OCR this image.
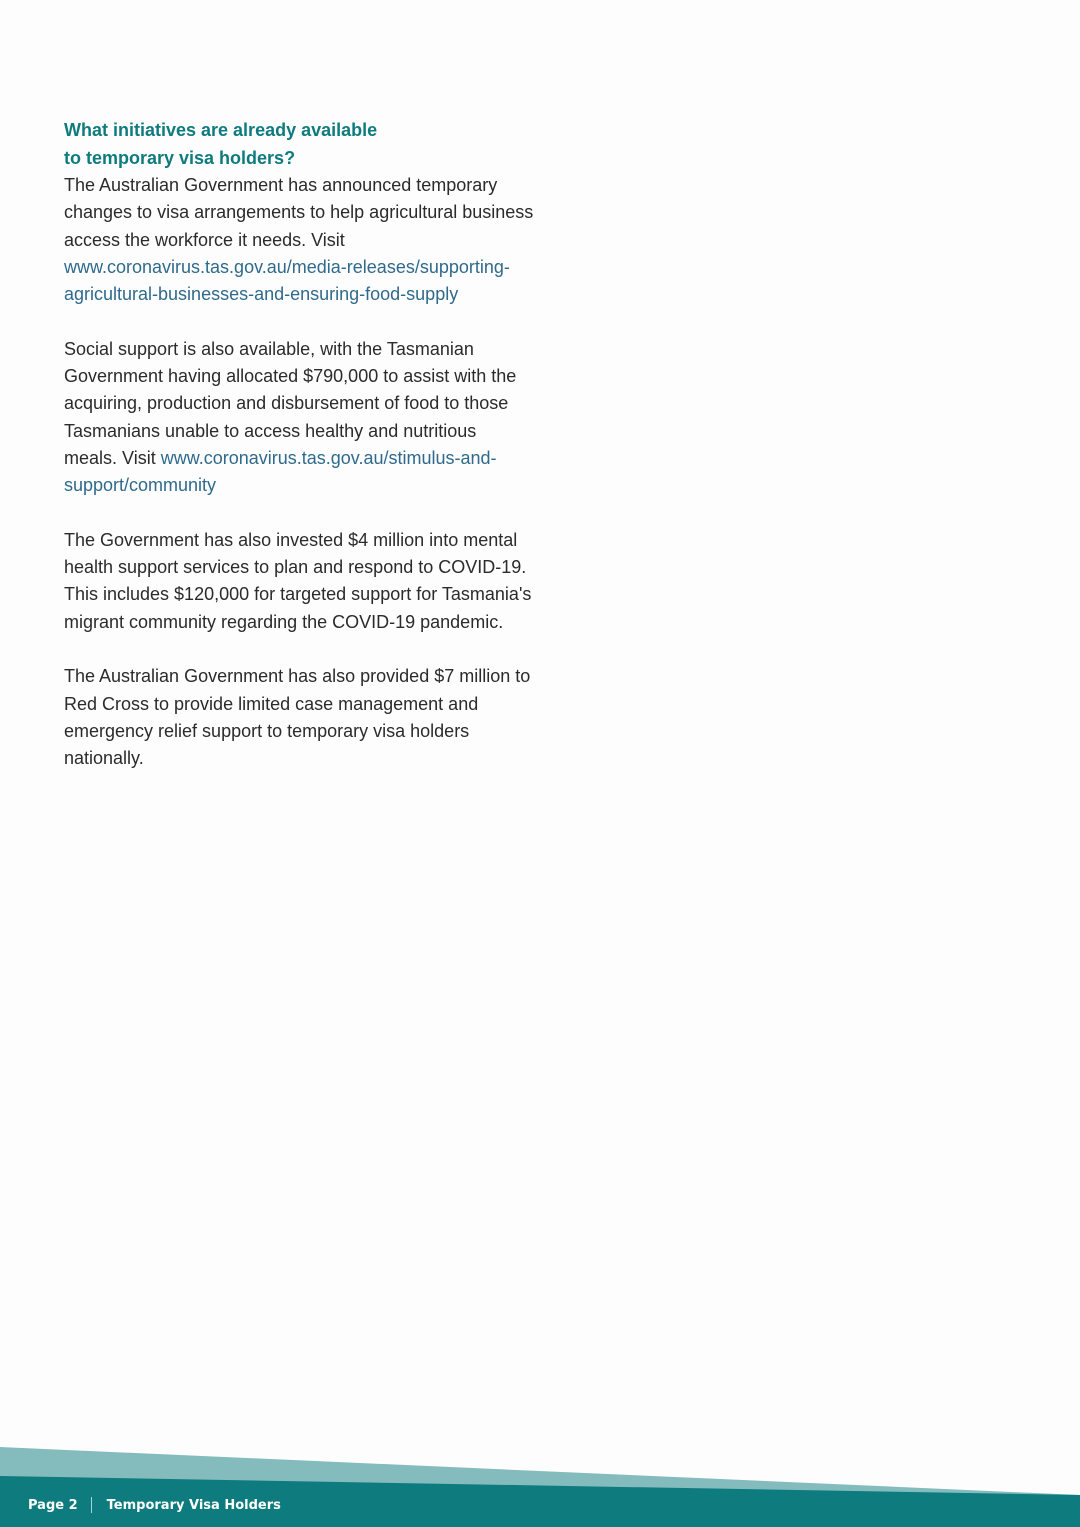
What initiatives are already available
to temporary visa holders?

The Australian Government has announced temporary changes to visa arrangements to help agricultural business access the workforce it needs. Visit www.coronavirus.tas.gov.au/media-releases/supporting-agricultural-businesses-and-ensuring-food-supply

Social support is also available, with the Tasmanian Government having allocated $790,000 to assist with the acquiring, production and disbursement of food to those Tasmanians unable to access healthy and nutritious meals. Visit www.coronavirus.tas.gov.au/stimulus-and-support/community

The Government has also invested $4 million into mental health support services to plan and respond to COVID-19. This includes $120,000 for targeted support for Tasmania's migrant community regarding the COVID-19 pandemic.

The Australian Government has also provided $7 million to Red Cross to provide limited case management and emergency relief support to temporary visa holders nationally.

Page 2 Temporary Visa Holders
